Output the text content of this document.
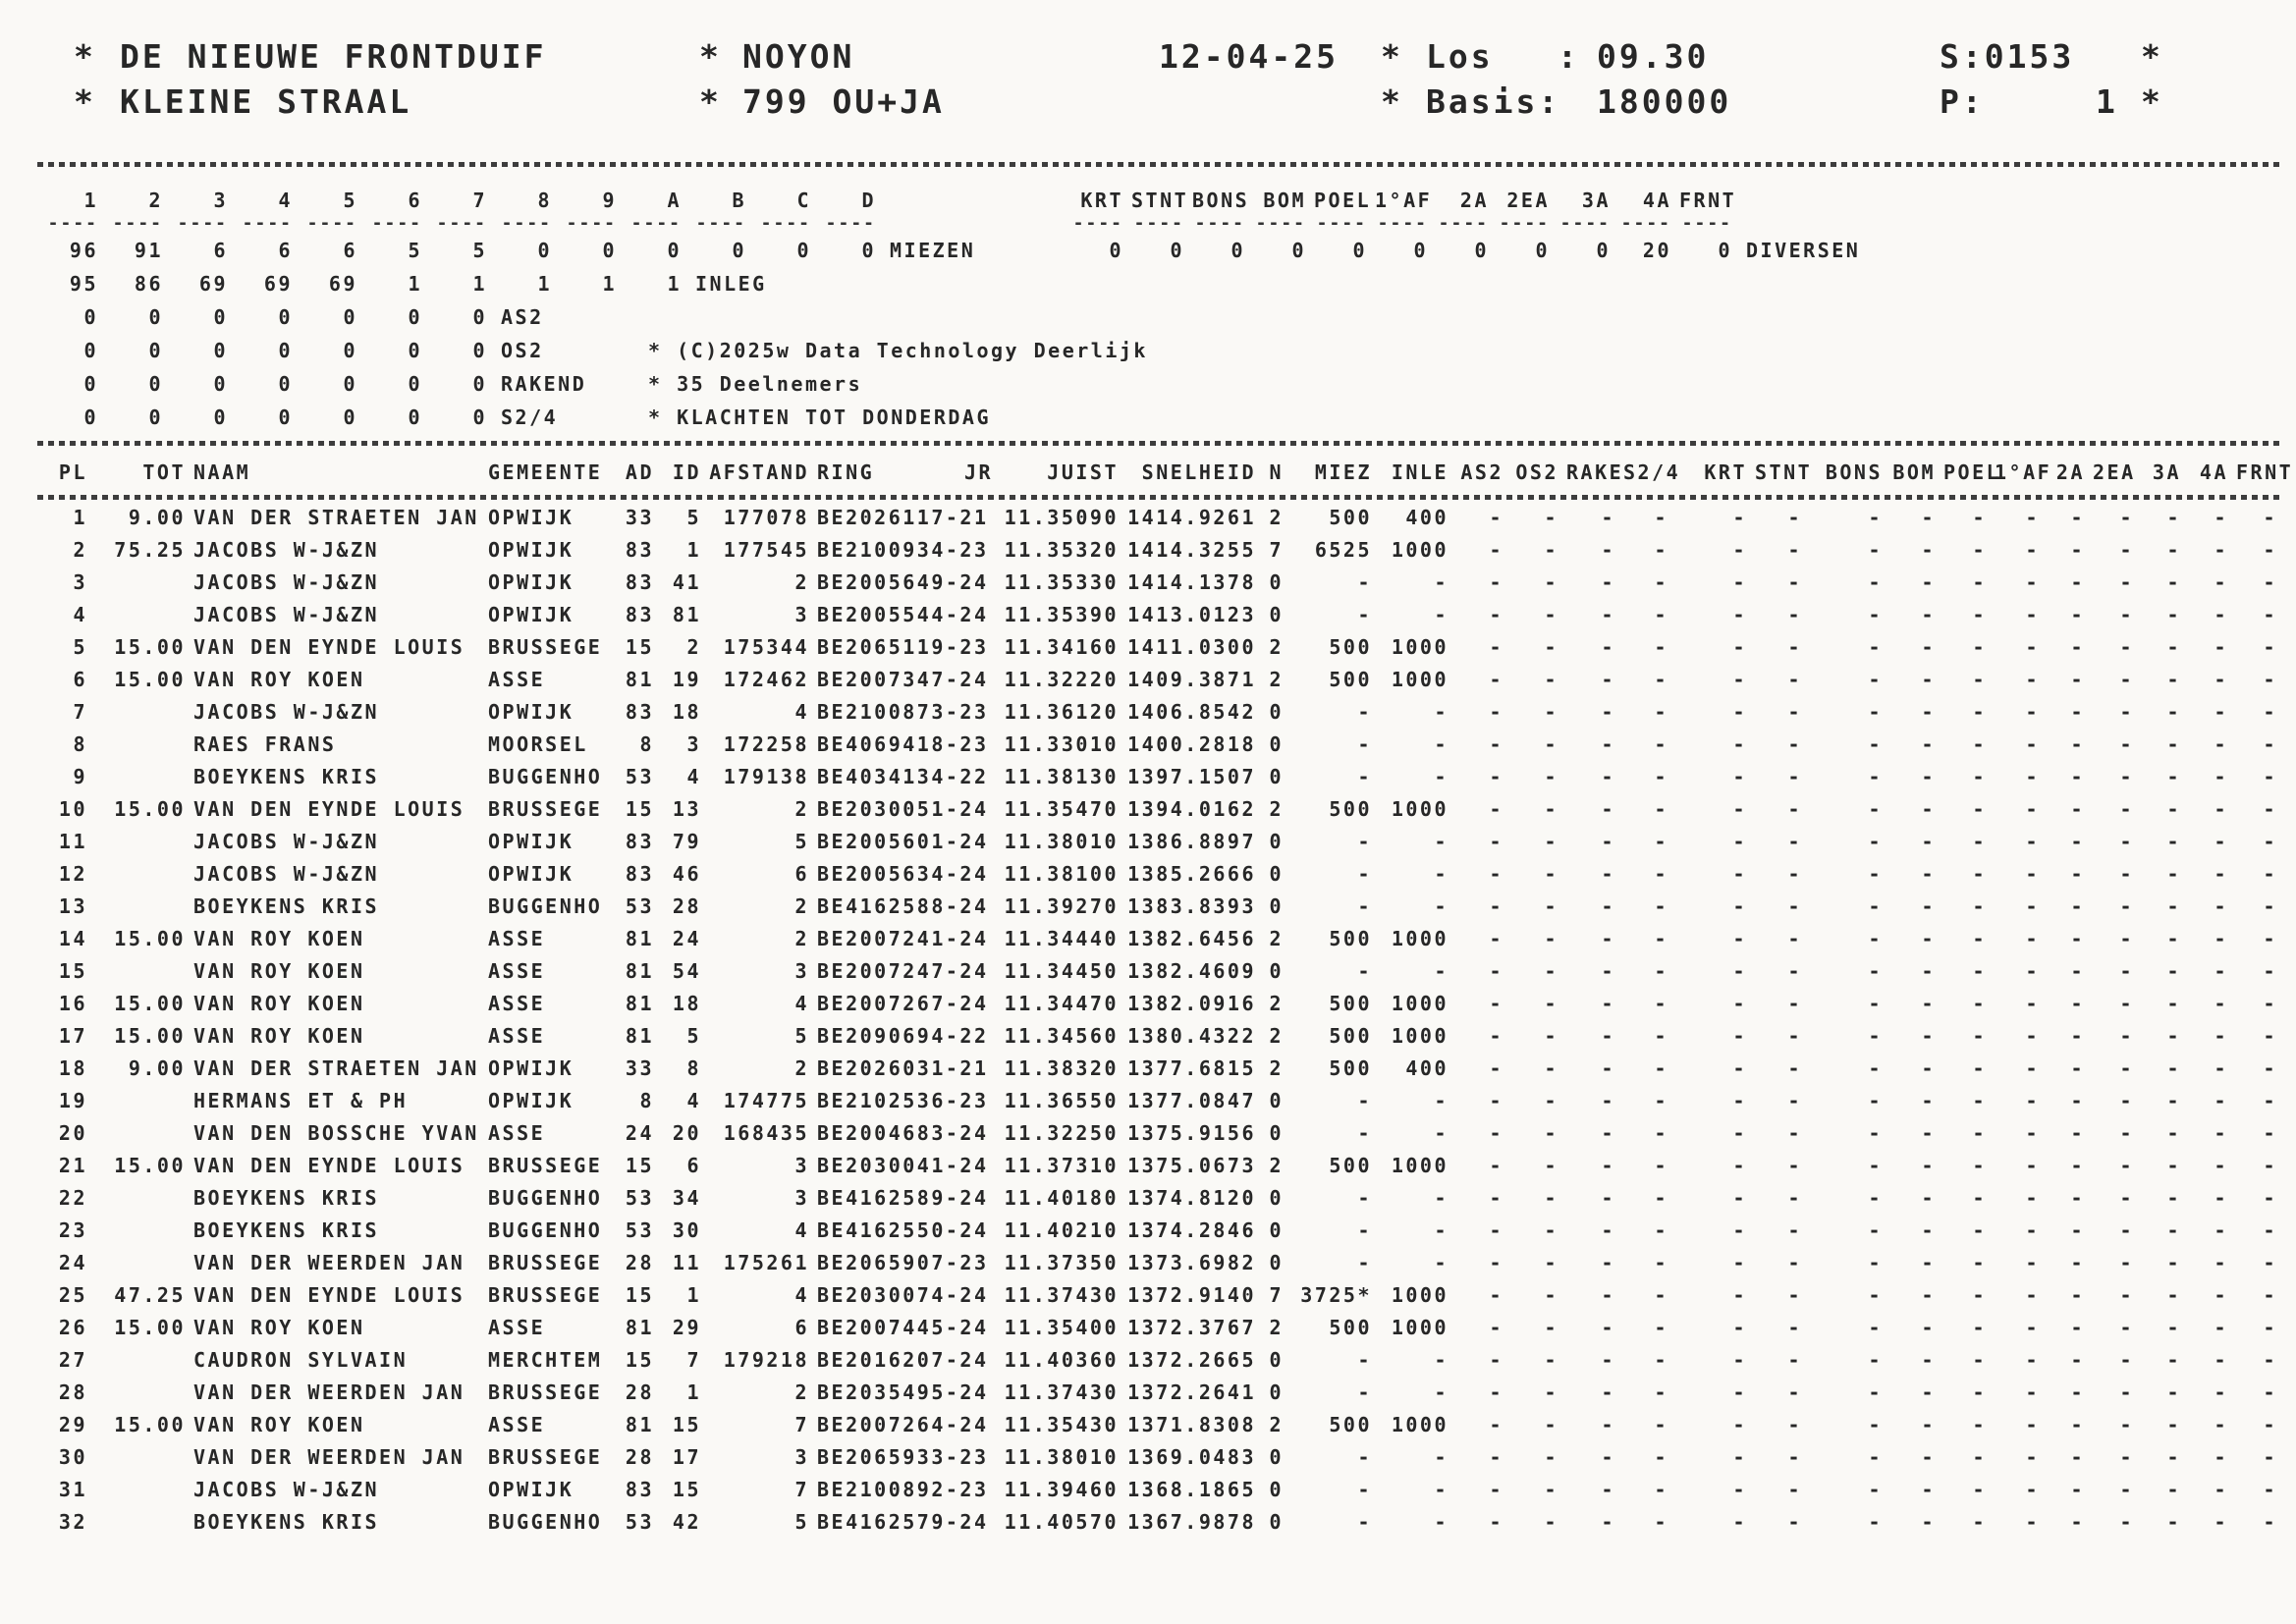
* DE NIEUWE FRONTDUIF
* KLEINE STRAAL
* NOYON
* 799 OU+JA
12-04-25 * Los : 09.30
* Basis: 180000
S:0153 *
P:	1 *
1	2	3	4	5	6	7	8	9	A	B	C	D		KRT	STNT	BONS	BOM	POEL	1°AF	2A	2EA	3A	4A	FRNT	
----	----	----	----	----	----	----	----	----	----	----	----	----		----	----	----	----	----	----	----	----	----	----	----	
96	91	6	6	6	5	5	0	0	0	0	0	0	MIEZEN	0	0	0	0	0	0	0	0	0	20	0	DIVERSEN
95	86	69	69	69	1	1	1	1	1	INLEG															
0	0	0	0	0	0	0	AS2																		
0	0	0	0	0	0	0	OS2 * (C)2025w Data Technology Deerlijk																		
0	0	0	0	0	0	0	RAKEND * 35 Deelnemers																		
0	0	0	0	0	0	0	S2/4 * KLACHTEN TOT DONDERDAG																		
PL	TOT	NAAM	GEMEENTE	AD	ID	AFSTAND	RING	JR	JUIST	SNELHEID	N	MIEZ	INLE	AS2	OS2	RAKE	S2/4	KRT	STNT	BONS	BOM	POEL	1°AF	2A	2EA	3A	4A	FRNT

1	9.00	VAN DER STRAETEN JAN	OPWIJK	33	5	177078	BE2026117-21		11.35090	1414.9261	2	500	400	-	-	-	-	-	-	-	-	-	-	-	-	-	-	-
2	75.25	JACOBS W-J&ZN	OPWIJK	83	1	177545	BE2100934-23		11.35320	1414.3255	7	6525	1000	-	-	-	-	-	-	-	-	-	-	-	-	-	-	-
3		JACOBS W-J&ZN	OPWIJK	83	41	2	BE2005649-24		11.35330	1414.1378	0	-	-	-	-	-	-	-	-	-	-	-	-	-	-	-	-	-
4		JACOBS W-J&ZN	OPWIJK	83	81	3	BE2005544-24		11.35390	1413.0123	0	-	-	-	-	-	-	-	-	-	-	-	-	-	-	-	-	-
5	15.00	VAN DEN EYNDE LOUIS	BRUSSEGE	15	2	175344	BE2065119-23		11.34160	1411.0300	2	500	1000	-	-	-	-	-	-	-	-	-	-	-	-	-	-	-
6	15.00	VAN ROY KOEN	ASSE	81	19	172462	BE2007347-24		11.32220	1409.3871	2	500	1000	-	-	-	-	-	-	-	-	-	-	-	-	-	-	-
7		JACOBS W-J&ZN	OPWIJK	83	18	4	BE2100873-23		11.36120	1406.8542	0	-	-	-	-	-	-	-	-	-	-	-	-	-	-	-	-	-
8		RAES FRANS	MOORSEL	8	3	172258	BE4069418-23		11.33010	1400.2818	0	-	-	-	-	-	-	-	-	-	-	-	-	-	-	-	-	-
9		BOEYKENS KRIS	BUGGENHO	53	4	179138	BE4034134-22		11.38130	1397.1507	0	-	-	-	-	-	-	-	-	-	-	-	-	-	-	-	-	-
10	15.00	VAN DEN EYNDE LOUIS	BRUSSEGE	15	13	2	BE2030051-24		11.35470	1394.0162	2	500	1000	-	-	-	-	-	-	-	-	-	-	-	-	-	-	-
11		JACOBS W-J&ZN	OPWIJK	83	79	5	BE2005601-24		11.38010	1386.8897	0	-	-	-	-	-	-	-	-	-	-	-	-	-	-	-	-	-
12		JACOBS W-J&ZN	OPWIJK	83	46	6	BE2005634-24		11.38100	1385.2666	0	-	-	-	-	-	-	-	-	-	-	-	-	-	-	-	-	-
13		BOEYKENS KRIS	BUGGENHO	53	28	2	BE4162588-24		11.39270	1383.8393	0	-	-	-	-	-	-	-	-	-	-	-	-	-	-	-	-	-
14	15.00	VAN ROY KOEN	ASSE	81	24	2	BE2007241-24		11.34440	1382.6456	2	500	1000	-	-	-	-	-	-	-	-	-	-	-	-	-	-	-
15		VAN ROY KOEN	ASSE	81	54	3	BE2007247-24		11.34450	1382.4609	0	-	-	-	-	-	-	-	-	-	-	-	-	-	-	-	-	-
16	15.00	VAN ROY KOEN	ASSE	81	18	4	BE2007267-24		11.34470	1382.0916	2	500	1000	-	-	-	-	-	-	-	-	-	-	-	-	-	-	-
17	15.00	VAN ROY KOEN	ASSE	81	5	5	BE2090694-22		11.34560	1380.4322	2	500	1000	-	-	-	-	-	-	-	-	-	-	-	-	-	-	-
18	9.00	VAN DER STRAETEN JAN	OPWIJK	33	8	2	BE2026031-21		11.38320	1377.6815	2	500	400	-	-	-	-	-	-	-	-	-	-	-	-	-	-	-
19		HERMANS ET & PH	OPWIJK	8	4	174775	BE2102536-23		11.36550	1377.0847	0	-	-	-	-	-	-	-	-	-	-	-	-	-	-	-	-	-
20		VAN DEN BOSSCHE YVAN	ASSE	24	20	168435	BE2004683-24		11.32250	1375.9156	0	-	-	-	-	-	-	-	-	-	-	-	-	-	-	-	-	-
21	15.00	VAN DEN EYNDE LOUIS	BRUSSEGE	15	6	3	BE2030041-24		11.37310	1375.0673	2	500	1000	-	-	-	-	-	-	-	-	-	-	-	-	-	-	-
22		BOEYKENS KRIS	BUGGENHO	53	34	3	BE4162589-24		11.40180	1374.8120	0	-	-	-	-	-	-	-	-	-	-	-	-	-	-	-	-	-
23		BOEYKENS KRIS	BUGGENHO	53	30	4	BE4162550-24		11.40210	1374.2846	0	-	-	-	-	-	-	-	-	-	-	-	-	-	-	-	-	-
24		VAN DER WEERDEN JAN	BRUSSEGE	28	11	175261	BE2065907-23		11.37350	1373.6982	0	-	-	-	-	-	-	-	-	-	-	-	-	-	-	-	-	-
25	47.25	VAN DEN EYNDE LOUIS	BRUSSEGE	15	1	4	BE2030074-24		11.37430	1372.9140	7	3725*	1000	-	-	-	-	-	-	-	-	-	-	-	-	-	-	-
26	15.00	VAN ROY KOEN	ASSE	81	29	6	BE2007445-24		11.35400	1372.3767	2	500	1000	-	-	-	-	-	-	-	-	-	-	-	-	-	-	-
27		CAUDRON SYLVAIN	MERCHTEM	15	7	179218	BE2016207-24		11.40360	1372.2665	0	-	-	-	-	-	-	-	-	-	-	-	-	-	-	-	-	-
28		VAN DER WEERDEN JAN	BRUSSEGE	28	1	2	BE2035495-24		11.37430	1372.2641	0	-	-	-	-	-	-	-	-	-	-	-	-	-	-	-	-	-
29	15.00	VAN ROY KOEN	ASSE	81	15	7	BE2007264-24		11.35430	1371.8308	2	500	1000	-	-	-	-	-	-	-	-	-	-	-	-	-	-	-
30		VAN DER WEERDEN JAN	BRUSSEGE	28	17	3	BE2065933-23		11.38010	1369.0483	0	-	-	-	-	-	-	-	-	-	-	-	-	-	-	-	-	-
31		JACOBS W-J&ZN	OPWIJK	83	15	7	BE2100892-23		11.39460	1368.1865	0	-	-	-	-	-	-	-	-	-	-	-	-	-	-	-	-	-
32		BOEYKENS KRIS	BUGGENHO	53	42	5	BE4162579-24		11.40570	1367.9878	0	-	-	-	-	-	-	-	-	-	-	-	-	-	-	-	-	-
